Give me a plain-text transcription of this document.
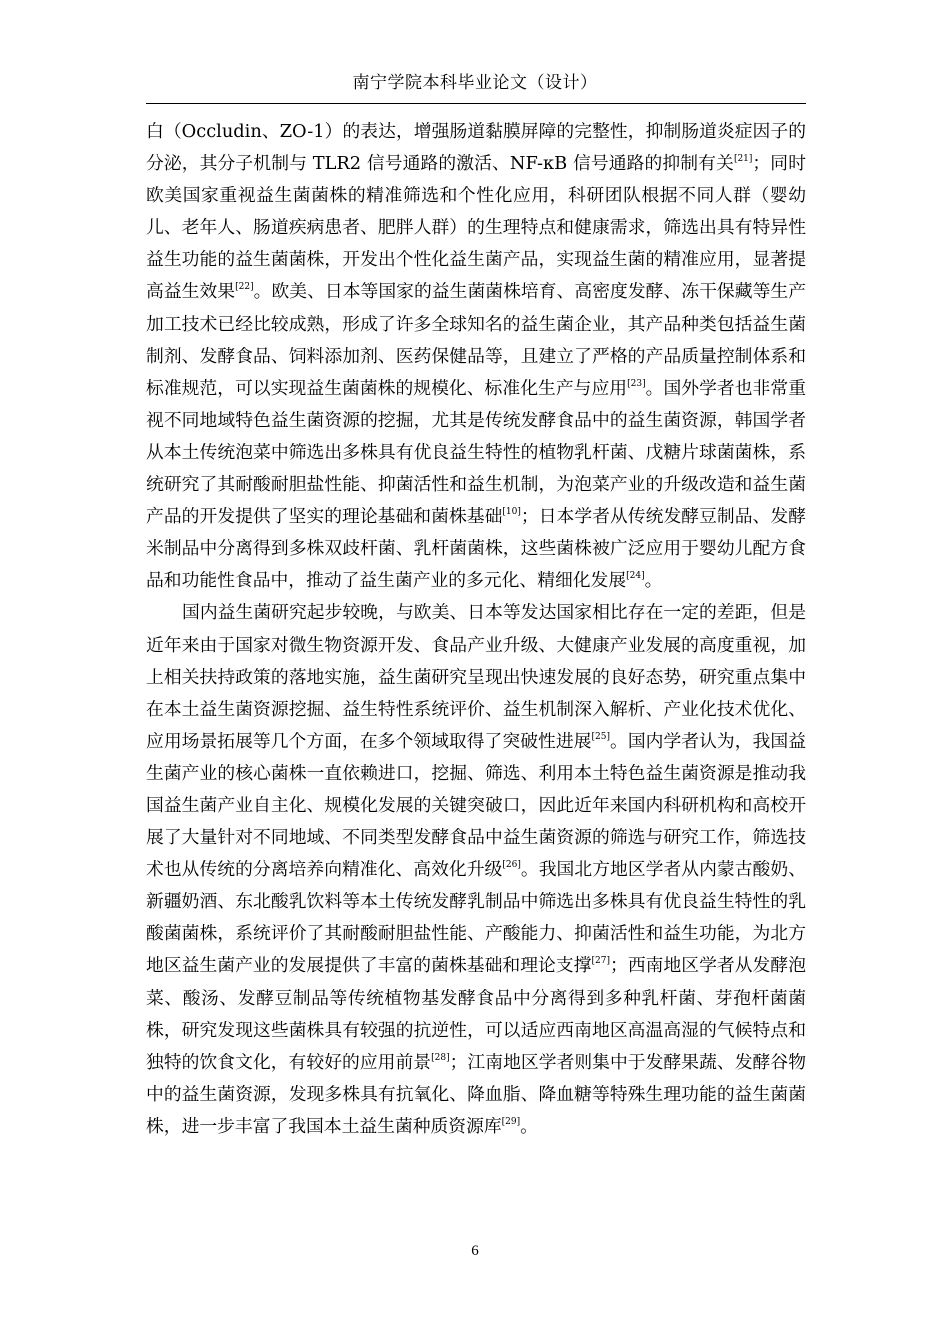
南宁学院本科毕业论文（设计）

白（Occludin、ZO-1）的表达，增强肠道黏膜屏障的完整性，抑制肠道炎症因子的分泌，其分子机制与 TLR2 信号通路的激活、NF-κB 信号通路的抑制有关[21]；同时欧美国家重视益生菌菌株的精准筛选和个性化应用，科研团队根据不同人群（婴幼儿、老年人、肠道疾病患者、肥胖人群）的生理特点和健康需求，筛选出具有特异性益生功能的益生菌菌株，开发出个性化益生菌产品，实现益生菌的精准应用，显著提高益生效果[22]。欧美、日本等国家的益生菌菌株培育、高密度发酵、冻干保藏等生产加工技术已经比较成熟，形成了许多全球知名的益生菌企业，其产品种类包括益生菌制剂、发酵食品、饲料添加剂、医药保健品等，且建立了严格的产品质量控制体系和标准规范，可以实现益生菌菌株的规模化、标准化生产与应用[23]。国外学者也非常重视不同地域特色益生菌资源的挖掘，尤其是传统发酵食品中的益生菌资源，韩国学者从本土传统泡菜中筛选出多株具有优良益生特性的植物乳杆菌、戊糖片球菌菌株，系统研究了其耐酸耐胆盐性能、抑菌活性和益生机制，为泡菜产业的升级改造和益生菌产品的开发提供了坚实的理论基础和菌株基础[10]；日本学者从传统发酵豆制品、发酵米制品中分离得到多株双歧杆菌、乳杆菌菌株，这些菌株被广泛应用于婴幼儿配方食品和功能性食品中，推动了益生菌产业的多元化、精细化发展[24]。

国内益生菌研究起步较晚，与欧美、日本等发达国家相比存在一定的差距，但是近年来由于国家对微生物资源开发、食品产业升级、大健康产业发展的高度重视，加上相关扶持政策的落地实施，益生菌研究呈现出快速发展的良好态势，研究重点集中在本土益生菌资源挖掘、益生特性系统评价、益生机制深入解析、产业化技术优化、应用场景拓展等几个方面，在多个领域取得了突破性进展[25]。国内学者认为，我国益生菌产业的核心菌株一直依赖进口，挖掘、筛选、利用本土特色益生菌资源是推动我国益生菌产业自主化、规模化发展的关键突破口，因此近年来国内科研机构和高校开展了大量针对不同地域、不同类型发酵食品中益生菌资源的筛选与研究工作，筛选技术也从传统的分离培养向精准化、高效化升级[26]。我国北方地区学者从内蒙古酸奶、新疆奶酒、东北酸乳饮料等本土传统发酵乳制品中筛选出多株具有优良益生特性的乳酸菌菌株，系统评价了其耐酸耐胆盐性能、产酸能力、抑菌活性和益生功能，为北方地区益生菌产业的发展提供了丰富的菌株基础和理论支撑[27]；西南地区学者从发酵泡菜、酸汤、发酵豆制品等传统植物基发酵食品中分离得到多种乳杆菌、芽孢杆菌菌株，研究发现这些菌株具有较强的抗逆性，可以适应西南地区高温高湿的气候特点和独特的饮食文化，有较好的应用前景[28]；江南地区学者则集中于发酵果蔬、发酵谷物中的益生菌资源，发现多株具有抗氧化、降血脂、降血糖等特殊生理功能的益生菌菌株，进一步丰富了我国本土益生菌种质资源库[29]。

6
